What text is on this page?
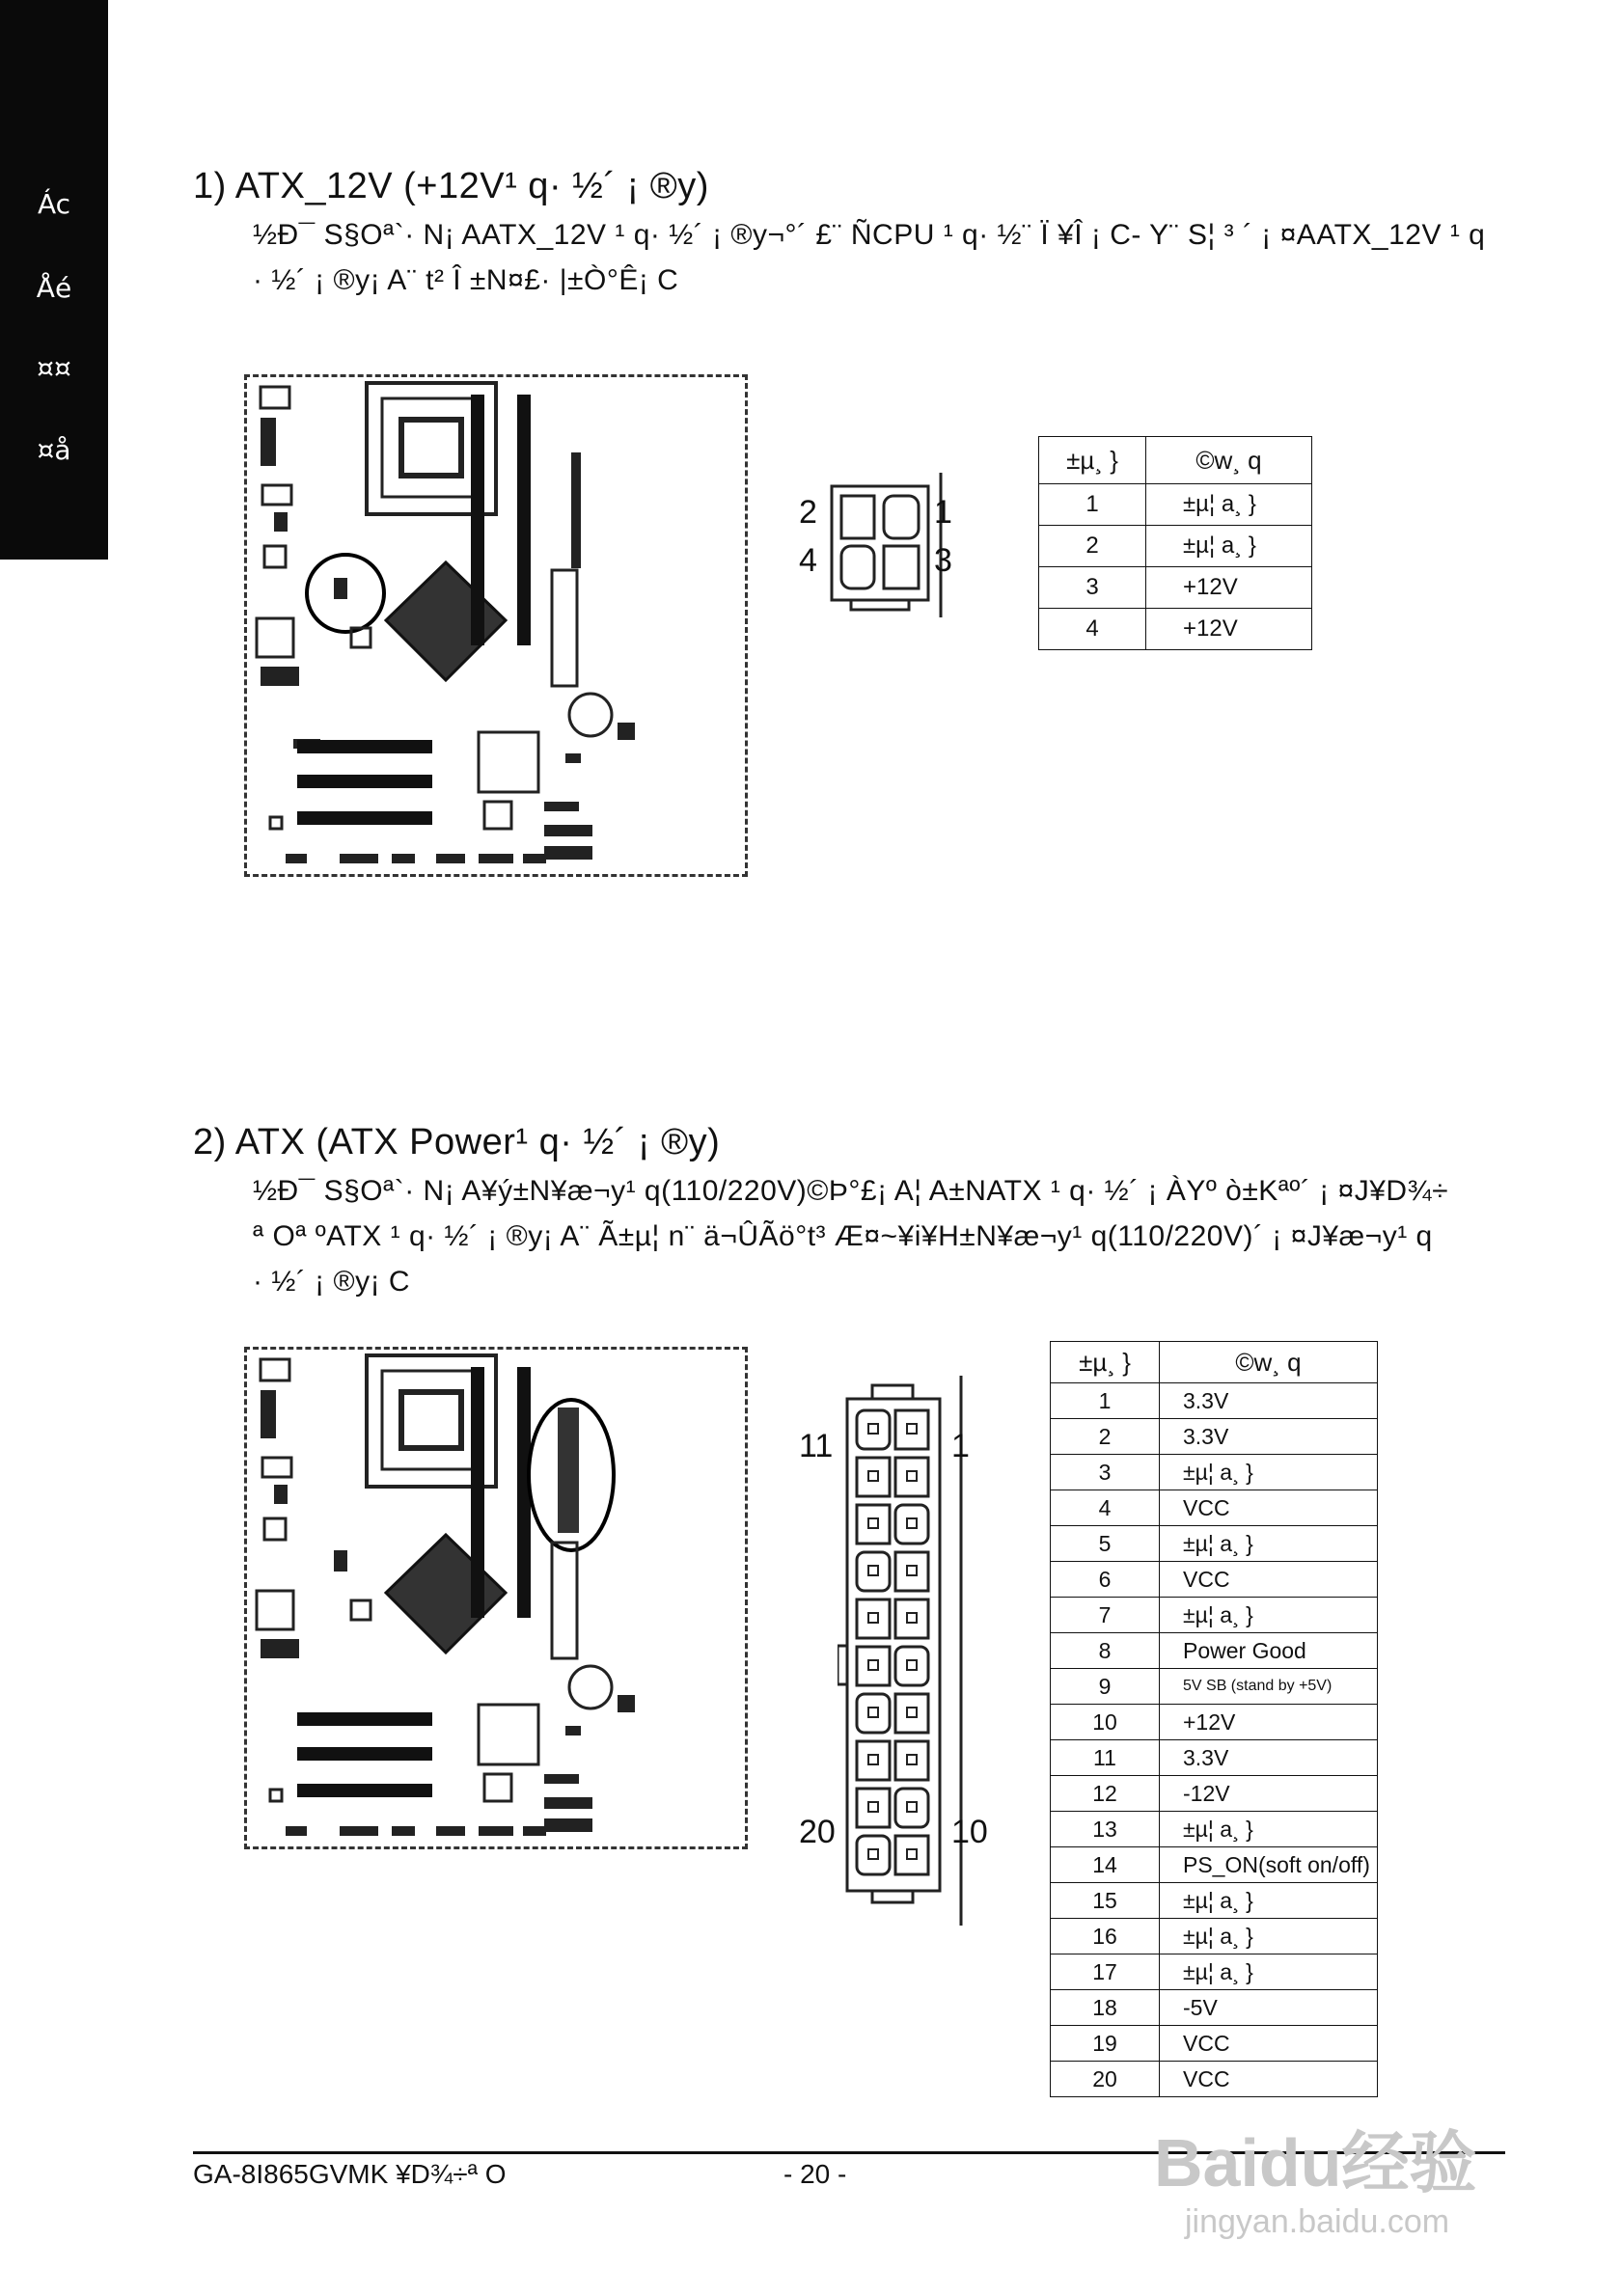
Ác
Åé
¤¤
¤å
1) ATX_12V (+12V¹ q· ½´ ¡ ®y)
½Ð¯ S§Oª`· N¡ AATX_12V ¹ q· ½´ ¡ ®y¬°´ £¨ ÑCPU ¹ q· ½¨ Ï ¥Î ¡ C- Y¨ S¦ ³ ´ ¡ ¤AATX_12V ¹ q
· ½´ ¡ ®y¡ A¨ t² Î ±N¤£· |±Ò°Ê¡ C
2	1
4	3
±µ¸ }	©w¸ q
1	±µ¦ a¸ }
2	±µ¦ a¸ }
3	+12V
4	+12V
2) ATX (ATX Power¹ q· ½´ ¡ ®y)
½Ð¯ S§Oª`· N¡ A¥ý±N¥æ¬y¹ q(110/220V)©Þ°£¡ A¦ A±NATX ¹ q· ½´ ¡ ÀYº ò±Kªº´ ¡ ¤J¥D¾÷
ª Oª ºATX ¹ q· ½´ ¡ ®y¡ A¨ Ã±µ¦ n¨ ä¬ÛÃö°t³ Æ¤~¥i¥H±N¥æ¬y¹ q(110/220V)´ ¡ ¤J¥æ¬y¹ q
· ½´ ¡ ®y¡ C
11	1
20	10
±µ¸ }	©w¸ q
1	3.3V
2	3.3V
3	±µ¦ a¸ }
4	VCC
5	±µ¦ a¸ }
6	VCC
7	±µ¦ a¸ }
8	Power Good
9	5V SB (stand by +5V)
10	+12V
11	3.3V
12	-12V
13	±µ¦ a¸ }
14	PS_ON(soft on/off)
15	±µ¦ a¸ }
16	±µ¦ a¸ }
17	±µ¦ a¸ }
18	-5V
19	VCC
20	VCC
GA-8I865GVMK ¥D¾÷ª O	- 20 -	Baidu经验
jingyan.baidu.com
